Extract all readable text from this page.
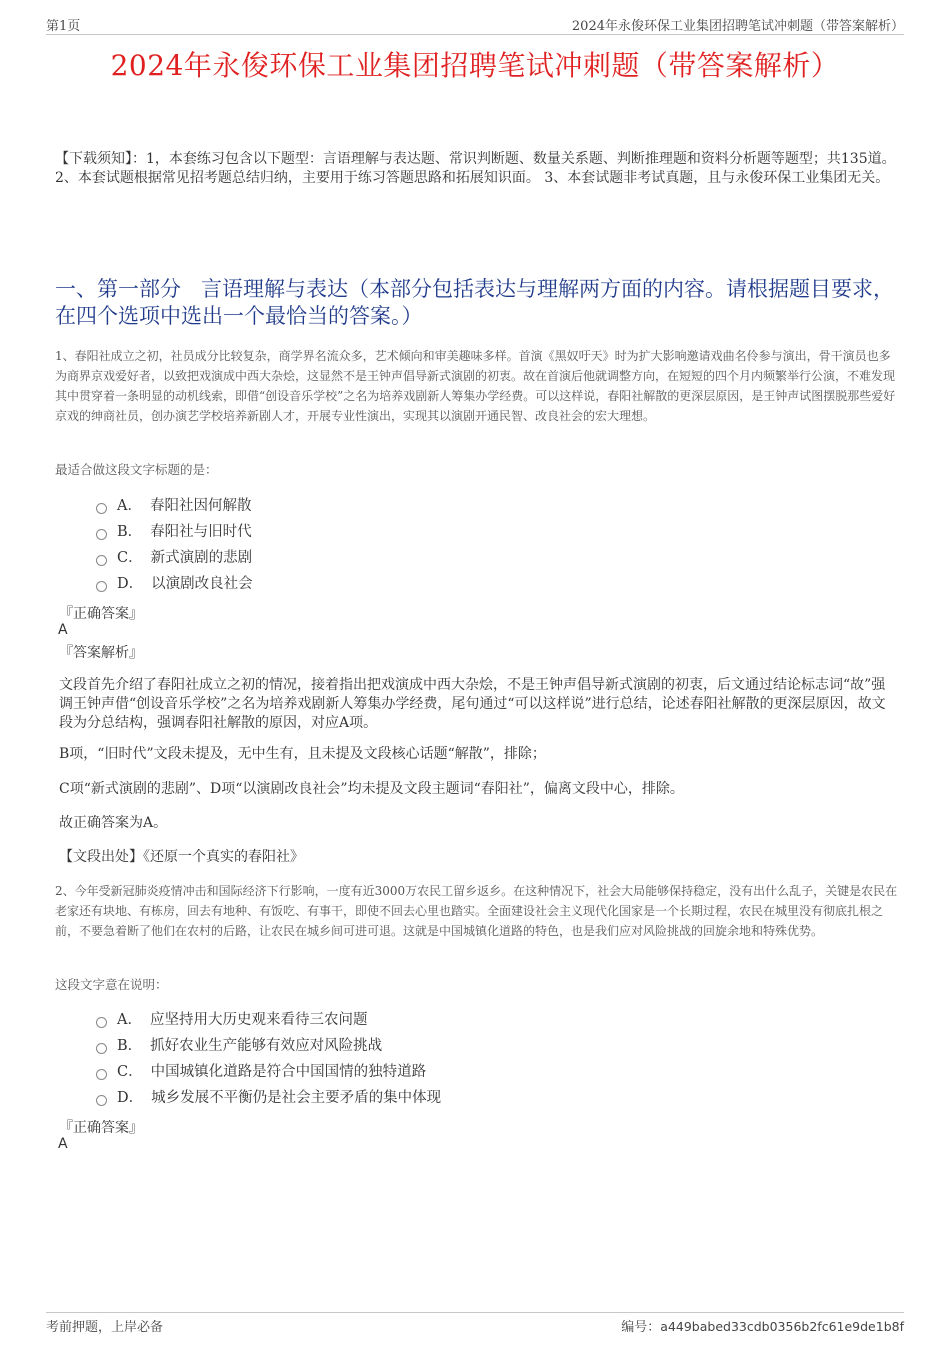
第1页	2024年永俊环保工业集团招聘笔试冲刺题（带答案解析）
2024年永俊环保工业集团招聘笔试冲刺题（带答案解析）
【下载须知】：1，本套练习包含以下题型：言语理解与表达题、常识判断题、数量关系题、判断推理题和资料分析题等题型；共135道。 2、本套试题根据常见招考题总结归纳，主要用于练习答题思路和拓展知识面。 3、本套试题非考试真题，且与永俊环保工业集团无关。
一、第一部分 言语理解与表达（本部分包括表达与理解两方面的内容。请根据题目要求，在四个选项中选出一个最恰当的答案。）
1、春阳社成立之初，社员成分比较复杂，商学界名流众多，艺术倾向和审美趣味多样。首演《黑奴吁天》时为扩大影响邀请戏曲名伶参与演出，骨干演员也多为商界京戏爱好者，以致把戏演成中西大杂烩，这显然不是王钟声倡导新式演剧的初衷。故在首演后他就调整方向，在短短的四个月内频繁举行公演，不难发现其中贯穿着一条明显的动机线索，即借“创设音乐学校”之名为培养戏剧新人筹集办学经费。可以这样说，春阳社解散的更深层原因，是王钟声试图摆脱那些爱好京戏的绅商社员，创办演艺学校培养新剧人才，开展专业性演出，实现其以演剧开通民智、改良社会的宏大理想。
最适合做这段文字标题的是：
A． 春阳社因何解散
B． 春阳社与旧时代
C． 新式演剧的悲剧
D． 以演剧改良社会
『正确答案』
A
『答案解析』
文段首先介绍了春阳社成立之初的情况，接着指出把戏演成中西大杂烩，不是王钟声倡导新式演剧的初衷，后文通过结论标志词“故”强调王钟声借“创设音乐学校”之名为培养戏剧新人筹集办学经费，尾句通过“可以这样说”进行总结，论述春阳社解散的更深层原因，故文段为分总结构，强调春阳社解散的原因，对应A项。
B项，“旧时代”文段未提及，无中生有，且未提及文段核心话题“解散”，排除；
C项“新式演剧的悲剧”、D项“以演剧改良社会”均未提及文段主题词“春阳社”，偏离文段中心，排除。
故正确答案为A。
【文段出处】《还原一个真实的春阳社》
2、今年受新冠肺炎疫情冲击和国际经济下行影响，一度有近3000万农民工留乡返乡。在这种情况下，社会大局能够保持稳定，没有出什么乱子，关键是农民在老家还有块地、有栋房，回去有地种、有饭吃、有事干，即使不回去心里也踏实。全面建设社会主义现代化国家是一个长期过程，农民在城里没有彻底扎根之前，不要急着断了他们在农村的后路，让农民在城乡间可进可退。这就是中国城镇化道路的特色，也是我们应对风险挑战的回旋余地和特殊优势。
这段文字意在说明：
A． 应坚持用大历史观来看待三农问题
B． 抓好农业生产能够有效应对风险挑战
C． 中国城镇化道路是符合中国国情的独特道路
D． 城乡发展不平衡仍是社会主要矛盾的集中体现
『正确答案』
A
考前押题，上岸必备	编号：a449babed33cdb0356b2fc61e9de1b8f
